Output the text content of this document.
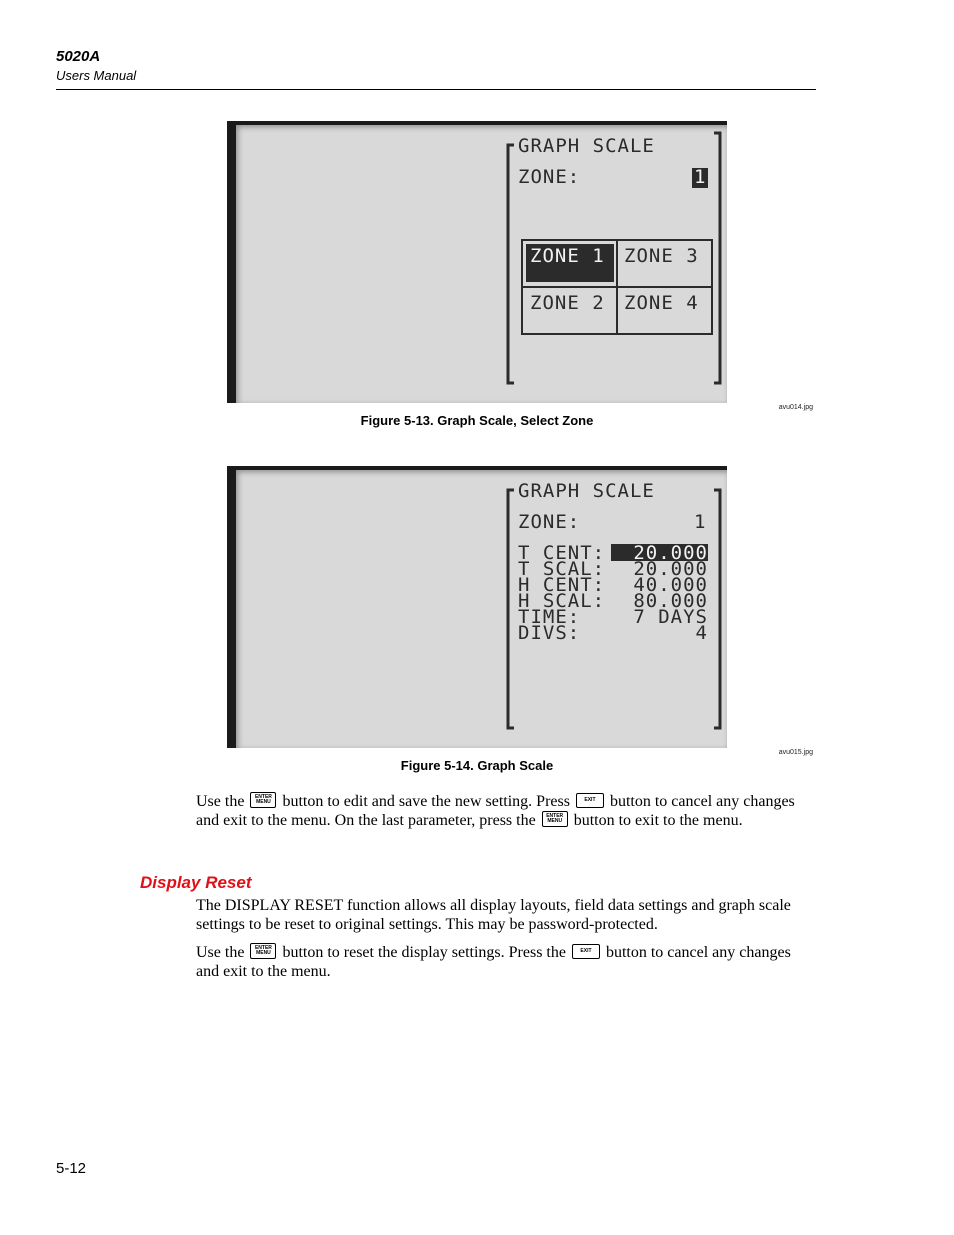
5020A
Users Manual
GRAPH SCALE
ZONE:	1
ZONE 1 ZONE 3
ZONE 2 ZONE 4
avu014.jpg
Figure 5-13. Graph Scale, Select Zone
GRAPH SCALE
ZONE:	1
T CENT: 20.000
T SCAL: 20.000
H CENT: 40.000
H SCAL: 80.000
TIME:	7 DAYS
DIVS:	4
avu015.jpg
Figure 5-14. Graph Scale
Use the ENTER
MENU button to edit and save the new setting. Press	EXIT button to cancel any changes and exit to the menu. On the last parameter, press the ENTER
MENU button to exit to the menu.
Display Reset
The DISPLAY RESET function allows all display layouts, field data settings and graph scale settings to be reset to original settings. This may be password-protected.
Use the ENTER
MENU button to reset the display settings. Press the	EXIT button to cancel any changes and exit to the menu.
5-12
